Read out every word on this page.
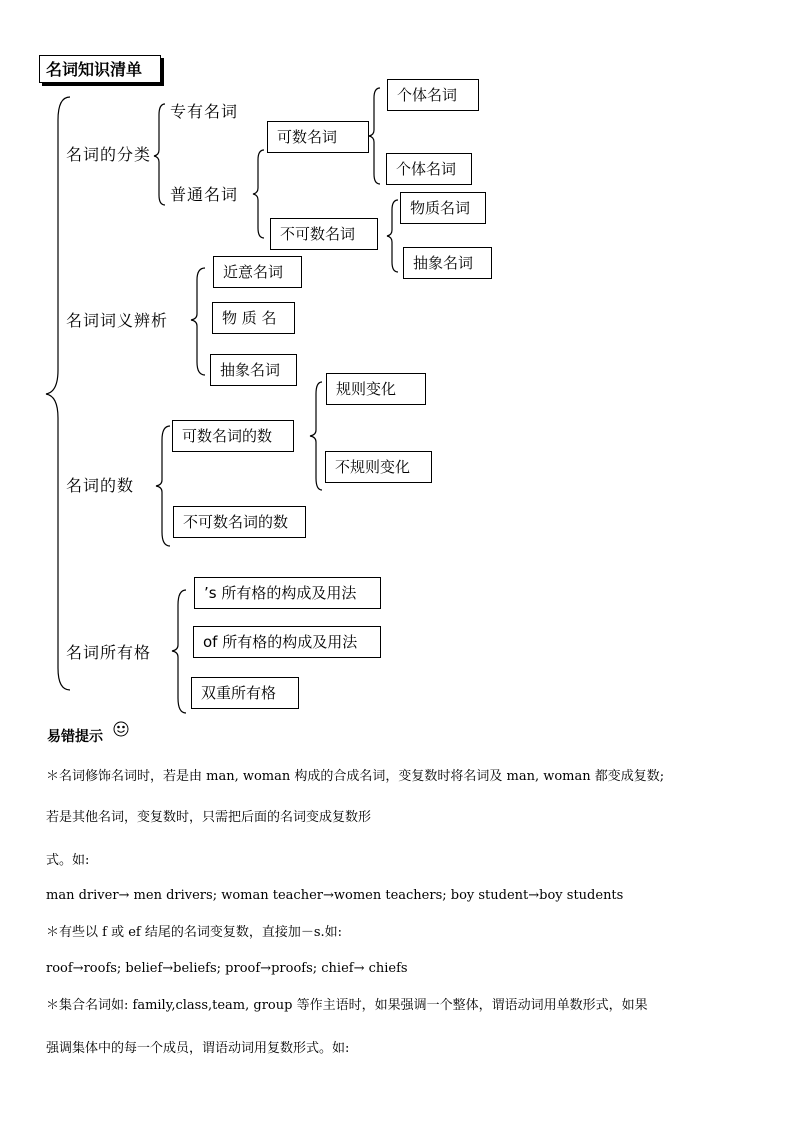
名词知识清单
名词的分类
专有名词
普通名词
可数名词
个体名词
个体名词
不可数名词
物质名词
抽象名词
名词词义辨析
近意名词
物 质 名
抽象名词
名词的数
可数名词的数
规则变化
不规则变化
不可数名词的数
名词所有格
’s 所有格的构成及用法
of 所有格的构成及用法
双重所有格
易错提示
＊名词修饰名词时，若是由 man, woman 构成的合成名词，变复数时将名词及 man, woman 都变成复数;
若是其他名词，变复数时，只需把后面的名词变成复数形
式。如:
man driver→ men drivers; woman teacher→women teachers; boy student→boy students
＊有些以 f 或 ef 结尾的名词变复数，直接加－s.如:
roof→roofs; belief→beliefs; proof→proofs; chief→ chiefs
＊集合名词如: family,class,team, group 等作主语时，如果强调一个整体，谓语动词用单数形式，如果
强调集体中的每一个成员，谓语动词用复数形式。如:
